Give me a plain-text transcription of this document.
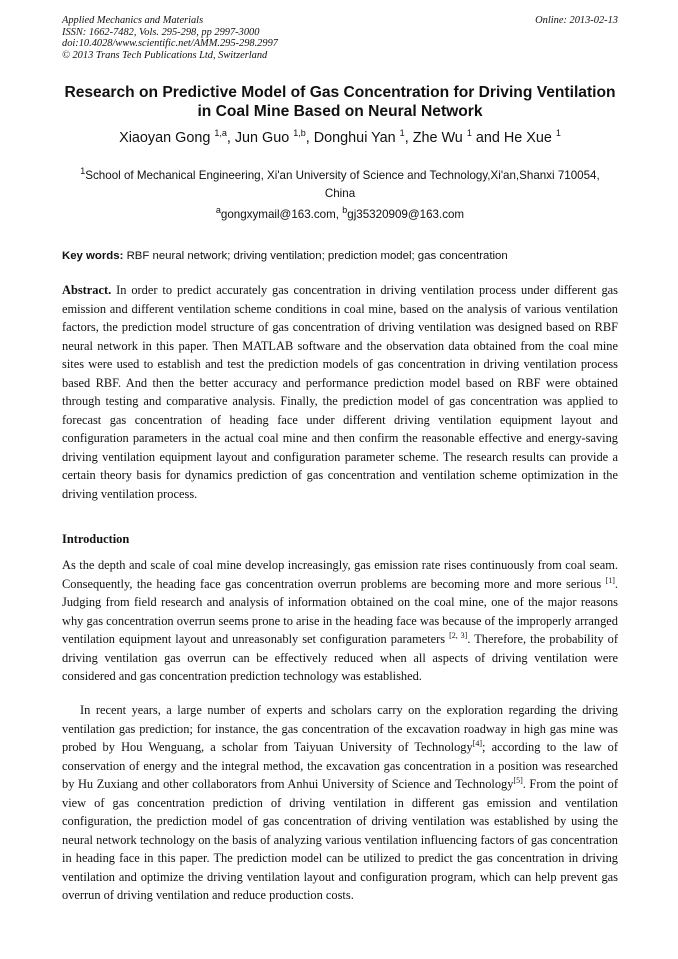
Applied Mechanics and Materials
ISSN: 1662-7482, Vols. 295-298, pp 2997-3000
doi:10.4028/www.scientific.net/AMM.295-298.2997
© 2013 Trans Tech Publications Ltd, Switzerland
Online: 2013-02-13
Research on Predictive Model of Gas Concentration for Driving Ventilation in Coal Mine Based on Neural Network
Xiaoyan Gong $^{1,a}$, Jun Guo $^{1,b}$, Donghui Yan $^1$, Zhe Wu $^1$ and He Xue $^1$
$^1$School of Mechanical Engineering, Xi'an University of Science and Technology,Xi'an,Shanxi 710054, China
$^a$gongxymail@163.com, $^b$gj35320909@163.com
Key words: RBF neural network; driving ventilation; prediction model; gas concentration
Abstract. In order to predict accurately gas concentration in driving ventilation process under different gas emission and different ventilation scheme conditions in coal mine, based on the analysis of various ventilation factors, the prediction model structure of gas concentration of driving ventilation was designed based on RBF neural network in this paper. Then MATLAB software and the observation data obtained from the coal mine sites were used to establish and test the prediction models of gas concentration in driving ventilation process based RBF. And then the better accuracy and performance prediction model based on RBF were obtained through testing and comparative analysis. Finally, the prediction model of gas concentration was applied to forecast gas concentration of heading face under different driving ventilation equipment layout and configuration parameters in the actual coal mine and then confirm the reasonable effective and energy-saving driving ventilation equipment layout and configuration parameter scheme. The research results can provide a certain theory basis for dynamics prediction of gas concentration and ventilation scheme optimization in the driving ventilation process.
Introduction
As the depth and scale of coal mine develop increasingly, gas emission rate rises continuously from coal seam. Consequently, the heading face gas concentration overrun problems are becoming more and more serious [1]. Judging from field research and analysis of information obtained on the coal mine, one of the major reasons why gas concentration overrun seems prone to arise in the heading face was because of the improperly arranged ventilation equipment layout and unreasonably set configuration parameters [2, 3]. Therefore, the probability of driving ventilation gas overrun can be effectively reduced when all aspects of driving ventilation were considered and gas concentration prediction technology was established.
In recent years, a large number of experts and scholars carry on the exploration regarding the driving ventilation gas prediction; for instance, the gas concentration of the excavation roadway in high gas mine was probed by Hou Wenguang, a scholar from Taiyuan University of Technology[4]; according to the law of conservation of energy and the integral method, the excavation gas concentration in a position was researched by Hu Zuxiang and other collaborators from Anhui University of Science and Technology[5]. From the point of view of gas concentration prediction of driving ventilation in different gas emission and ventilation configuration, the prediction model of gas concentration of driving ventilation was established by using the neural network technology on the basis of analyzing various ventilation influencing factors of gas concentration in heading face in this paper. The prediction model can be utilized to predict the gas concentration in driving ventilation and optimize the driving ventilation layout and configuration program, which can help prevent gas overrun of driving ventilation and reduce production costs.
